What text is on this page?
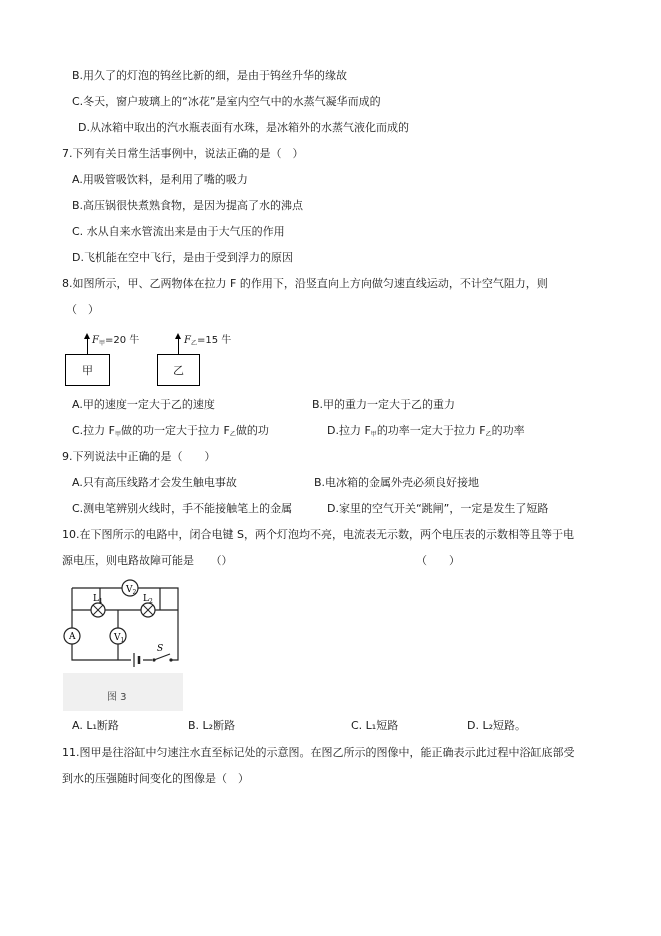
B.用久了的灯泡的钨丝比新的细，是由于钨丝升华的缘故
C.冬天，窗户玻璃上的“冰花”是室内空气中的水蒸气凝华而成的
D.从冰箱中取出的汽水瓶表面有水珠，是冰箱外的水蒸气液化而成的
7.下列有关日常生活事例中，说法正确的是（　）
A.用吸管吸饮料，是利用了嘴的吸力
B.高压锅很快煮熟食物，是因为提高了水的沸点
C. 水从自来水管流出来是由于大气压的作用
D.飞机能在空中飞行，是由于受到浮力的原因
8.如图所示，甲、乙两物体在拉力 F 的作用下，沿竖直向上方向做匀速直线运动，不计空气阻力，则
（　）
$F_甲=20$ 牛
甲
$F_乙=15$ 牛
乙
A.甲的速度一定大于乙的速度	B.甲的重力一定大于乙的重力
C.拉力 $F_甲$做的功一定大于拉力 $F_乙$做的功	D.拉力 $F_甲$的功率一定大于拉力 $F_乙$的功率
9.下列说法中正确的是（　　）
A.只有高压线路才会发生触电事故	B.电冰箱的金属外壳必须良好接地
C.测电笔辨别火线时，手不能接触笔上的金属	D.家里的空气开关“跳闸”，一定是发生了短路
10.在下图所示的电路中，闭合电键 S，两个灯泡均不亮，电流表无示数，两个电压表的示数相等且等于电
源电压，则电路故障可能是　　（）	（　　）
$V_2$
$L_1$	$L_2$
A	$V_1$
S
图 3
A. L₁断路	B. L₂断路	C. L₁短路	D. L₂短路。
11.图甲是往浴缸中匀速注水直至标记处的示意图。在图乙所示的图像中，能正确表示此过程中浴缸底部受
到水的压强随时间变化的图像是（　）
